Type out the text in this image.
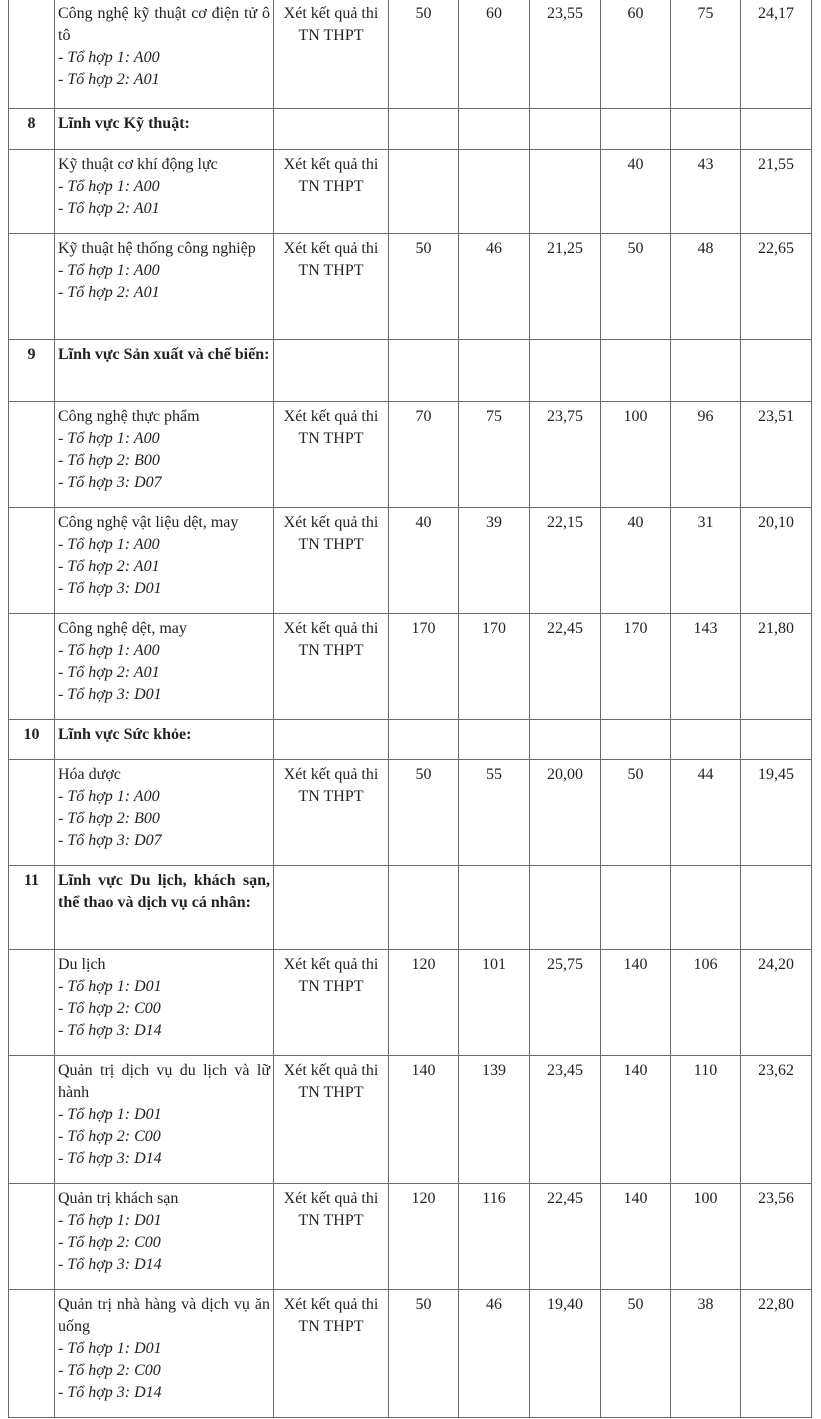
	Công nghệ kỹ thuật cơ điện tử ô tô
- Tổ hợp 1: A00
- Tổ hợp 2: A01	Xét kết quả thi TN THPT	50	60	23,55	60	75	24,17
8	Lĩnh vực Kỹ thuật:							

	Kỹ thuật cơ khí động lực
- Tổ hợp 1: A00
- Tổ hợp 2: A01	Xét kết quả thi TN THPT				40	43	21,55

	Kỹ thuật hệ thống công nghiệp
- Tổ hợp 1: A00
- Tổ hợp 2: A01	Xét kết quả thi TN THPT	50	46	21,25	50	48	22,65
9	Lĩnh vực Sản xuất và chế biến:							

	Công nghệ thực phẩm
- Tổ hợp 1: A00
- Tổ hợp 2: B00
- Tổ hợp 3: D07	Xét kết quả thi TN THPT	70	75	23,75	100	96	23,51

	Công nghệ vật liệu dệt, may
- Tổ hợp 1: A00
- Tổ hợp 2: A01
- Tổ hợp 3: D01	Xét kết quả thi TN THPT	40	39	22,15	40	31	20,10

	Công nghệ dệt, may
- Tổ hợp 1: A00
- Tổ hợp 2: A01
- Tổ hợp 3: D01	Xét kết quả thi TN THPT	170	170	22,45	170	143	21,80
10	Lĩnh vực Sức khỏe:							

	Hóa dược
- Tổ hợp 1: A00
- Tổ hợp 2: B00
- Tổ hợp 3: D07	Xét kết quả thi TN THPT	50	55	20,00	50	44	19,45
11	Lĩnh vực Du lịch, khách sạn, thể thao và dịch vụ cá nhân:							

	Du lịch
- Tổ hợp 1: D01
- Tổ hợp 2: C00
- Tổ hợp 3: D14	Xét kết quả thi TN THPT	120	101	25,75	140	106	24,20

	Quản trị dịch vụ du lịch và lữ hành
- Tổ hợp 1: D01
- Tổ hợp 2: C00
- Tổ hợp 3: D14	Xét kết quả thi TN THPT	140	139	23,45	140	110	23,62

	Quản trị khách sạn
- Tổ hợp 1: D01
- Tổ hợp 2: C00
- Tổ hợp 3: D14	Xét kết quả thi TN THPT	120	116	22,45	140	100	23,56

	Quản trị nhà hàng và dịch vụ ăn uống
- Tổ hợp 1: D01
- Tổ hợp 2: C00
- Tổ hợp 3: D14	Xét kết quả thi TN THPT	50	46	19,40	50	38	22,80
